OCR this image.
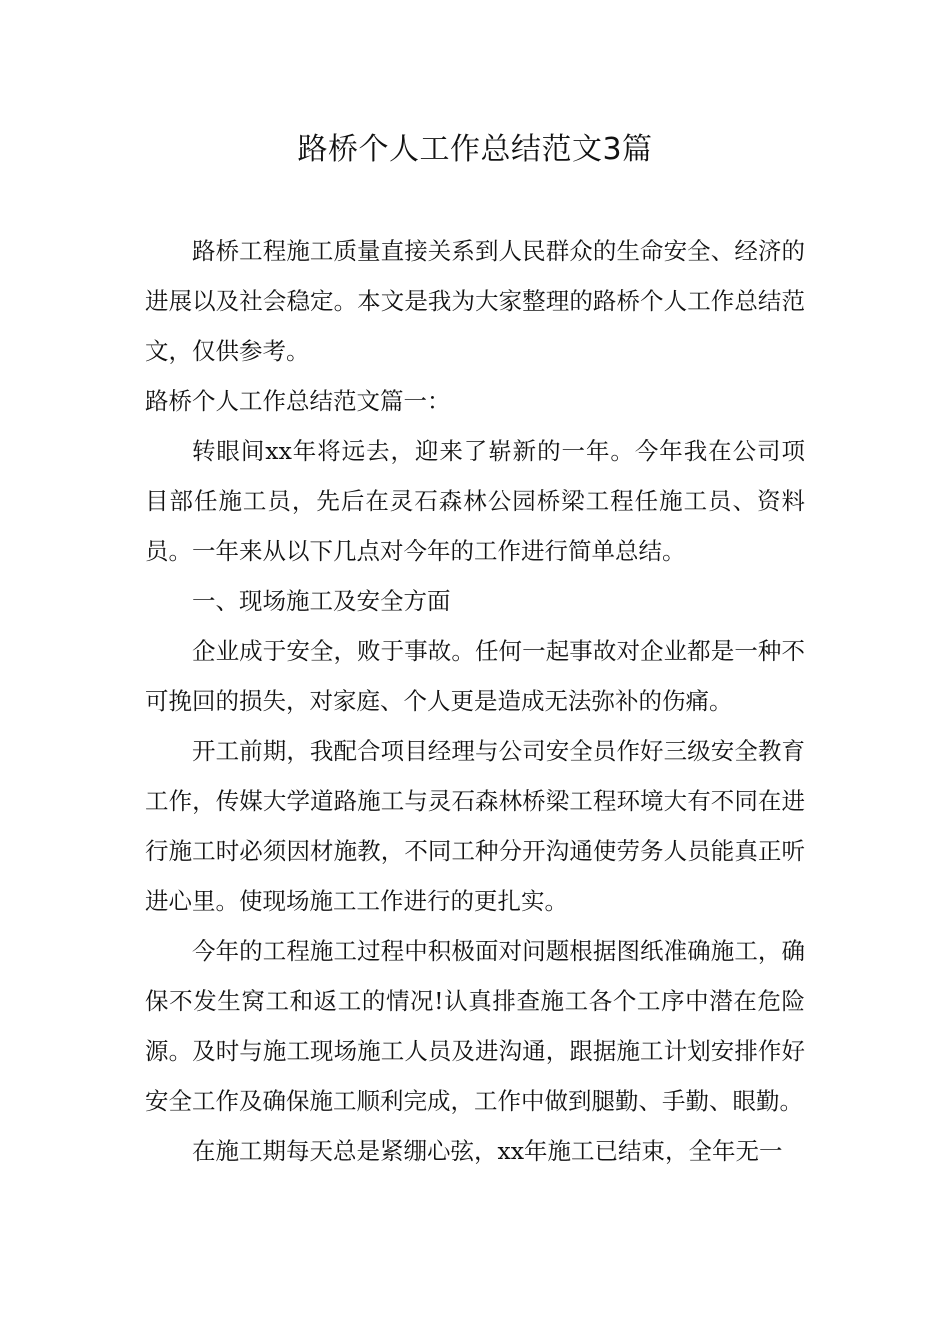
路桥个人工作总结范文3篇

路桥工程施工质量直接关系到人民群众的生命安全、经济的进展以及社会稳定。本文是我为大家整理的路桥个人工作总结范文，仅供参考。

路桥个人工作总结范文篇一：

转眼间xx年将远去，迎来了崭新的一年。今年我在公司项目部任施工员，先后在灵石森林公园桥梁工程任施工员、资料员。一年来从以下几点对今年的工作进行简单总结。

一、现场施工及安全方面

企业成于安全，败于事故。任何一起事故对企业都是一种不可挽回的损失，对家庭、个人更是造成无法弥补的伤痛。

开工前期，我配合项目经理与公司安全员作好三级安全教育工作，传媒大学道路施工与灵石森林桥梁工程环境大有不同在进行施工时必须因材施教，不同工种分开沟通使劳务人员能真正听进心里。使现场施工工作进行的更扎实。

今年的工程施工过程中积极面对问题根据图纸准确施工，确保不发生窝工和返工的情况!认真排查施工各个工序中潜在危险源。及时与施工现场施工人员及进沟通，跟据施工计划安排作好安全工作及确保施工顺利完成，工作中做到腿勤、手勤、眼勤。

在施工期每天总是紧绷心弦，xx年施工已结束，全年无一
